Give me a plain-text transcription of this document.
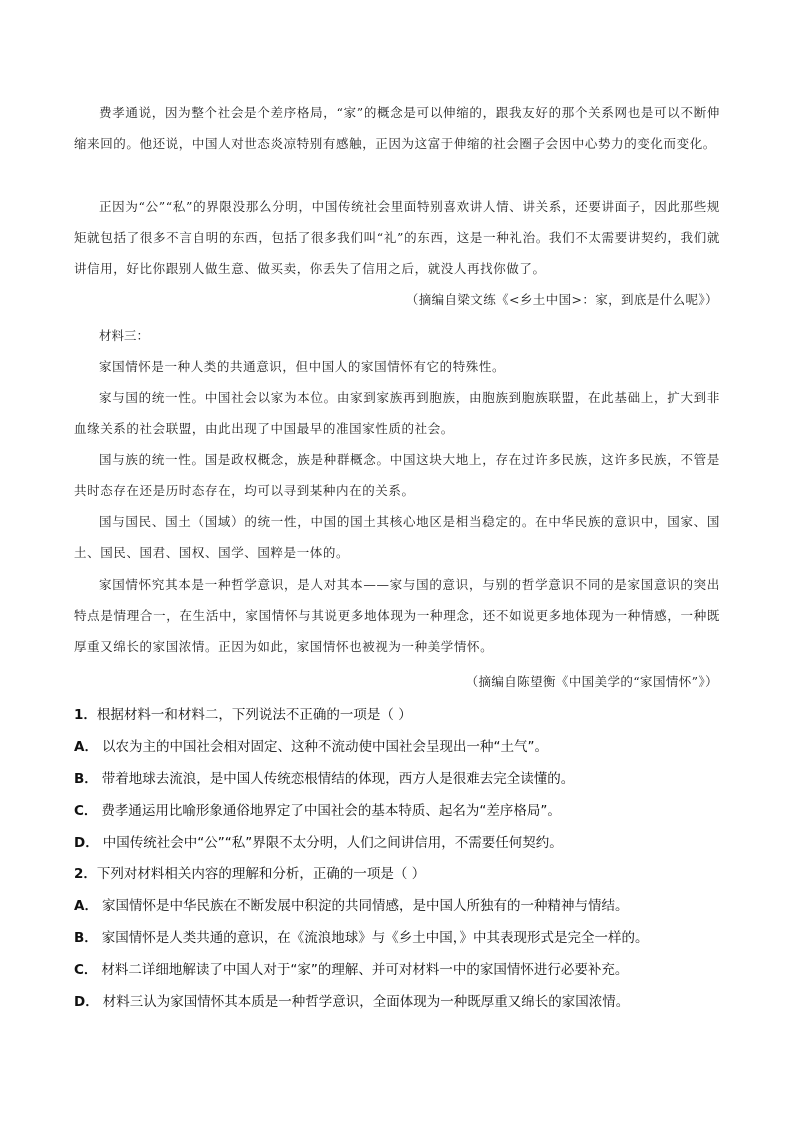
费孝通说，因为整个社会是个差序格局，“家”的概念是可以伸缩的，跟我友好的那个关系网也是可以不断伸缩来回的。他还说，中国人对世态炎凉特别有感触，正因为这富于伸缩的社会圈子会因中心势力的变化而变化。
正因为“公”“私”的界限没那么分明，中国传统社会里面特别喜欢讲人情、讲关系，还要讲面子，因此那些规矩就包括了很多不言自明的东西，包括了很多我们叫“礼”的东西，这是一种礼治。我们不太需要讲契约，我们就讲信用，好比你跟别人做生意、做买卖，你丢失了信用之后，就没人再找你做了。
（摘编自梁文练《<乡土中国>：家，到底是什么呢》）
材料三：
家国情怀是一种人类的共通意识，但中国人的家国情怀有它的特殊性。
家与国的统一性。中国社会以家为本位。由家到家族再到胞族，由胞族到胞族联盟，在此基础上，扩大到非血缘关系的社会联盟，由此出现了中国最早的准国家性质的社会。
国与族的统一性。国是政权概念，族是种群概念。中国这块大地上，存在过许多民族，这许多民族，不管是共时态存在还是历时态存在，均可以寻到某种内在的关系。
国与国民、国土（国域）的统一性，中国的国土其核心地区是相当稳定的。在中华民族的意识中，国家、国土、国民、国君、国权、国学、国粹是一体的。
家国情怀究其本是一种哲学意识，是人对其本——家与国的意识，与别的哲学意识不同的是家国意识的突出特点是情理合一，在生活中，家国情怀与其说更多地体现为一种理念，还不如说更多地体现为一种情感，一种既厚重又绵长的家国浓情。正因为如此，家国情怀也被视为一种美学情怀。
（摘编自陈望衡《中国美学的“家国情怀”》）
1．根据材料一和材料二，下列说法不正确的一项是（ ）
A． 以农为主的中国社会相对固定、这种不流动使中国社会呈现出一种“土气”。
B． 带着地球去流浪，是中国人传统恋根情结的体现，西方人是很难去完全读懂的。
C． 费孝通运用比喻形象通俗地界定了中国社会的基本特质、起名为“差序格局”。
D． 中国传统社会中“公”“私”界限不太分明，人们之间讲信用，不需要任何契约。
2．下列对材料相关内容的理解和分析，正确的一项是（ ）
A． 家国情怀是中华民族在不断发展中积淀的共同情感，是中国人所独有的一种精神与情结。
B． 家国情怀是人类共通的意识，在《流浪地球》与《乡土中国，》中其表现形式是完全一样的。
C． 材料二详细地解读了中国人对于“家”的理解、并可对材料一中的家国情怀进行必要补充。
D． 材料三认为家国情怀其本质是一种哲学意识，全面体现为一种既厚重又绵长的家国浓情。
